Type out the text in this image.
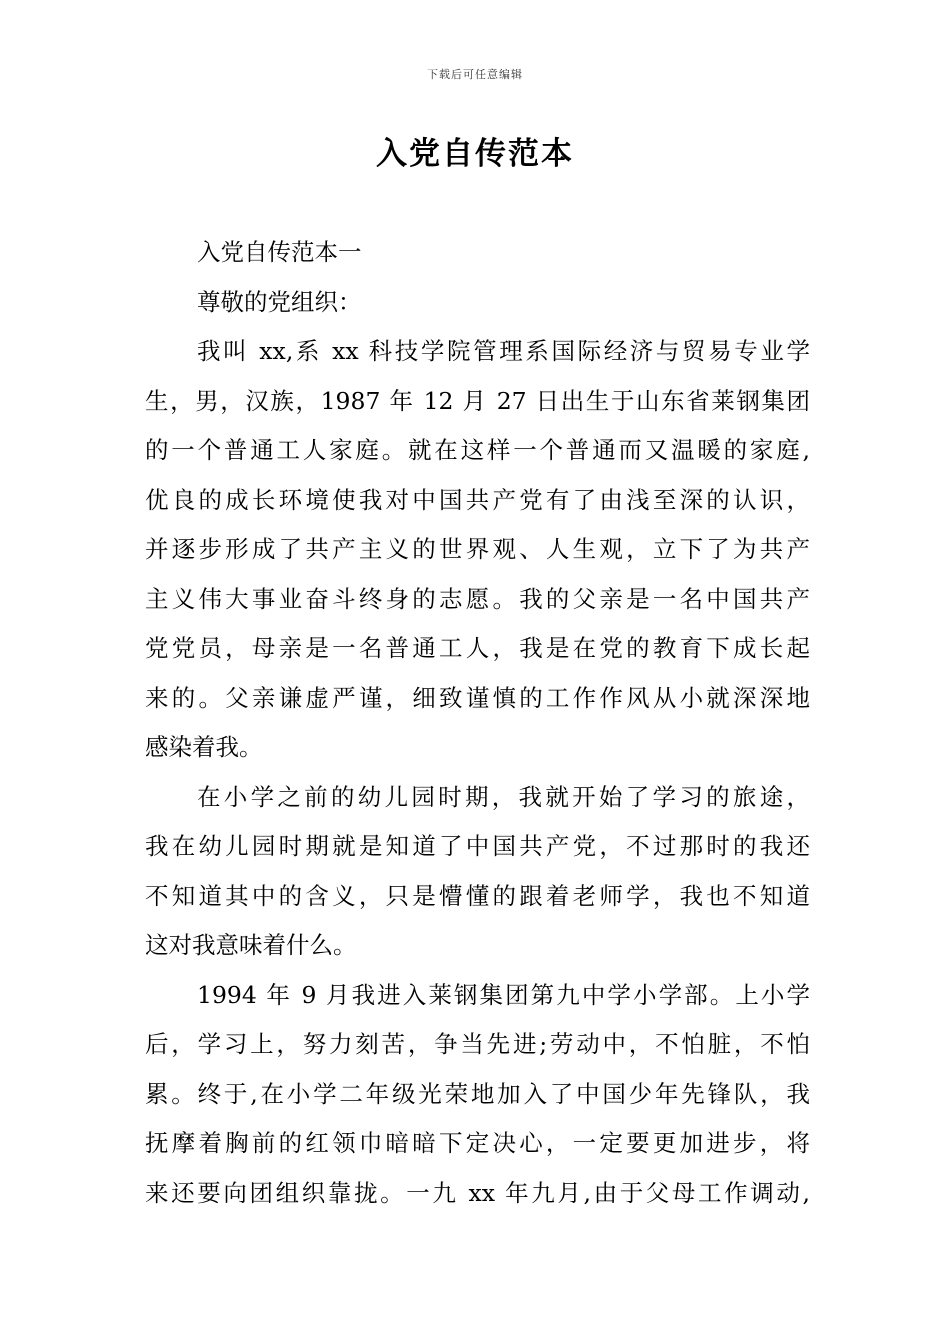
下载后可任意编辑
入党自传范本
入党自传范本一
尊敬的党组织：
我叫 xx,系 xx 科技学院管理系国际经济与贸易专业学
生，男，汉族，1987 年 12 月 27 日出生于山东省莱钢集团
的一个普通工人家庭。就在这样一个普通而又温暖的家庭,
优良的成长环境使我对中国共产党有了由浅至深的认识，
并逐步形成了共产主义的世界观、人生观，立下了为共产
主义伟大事业奋斗终身的志愿。我的父亲是一名中国共产
党党员，母亲是一名普通工人，我是在党的教育下成长起
来的。父亲谦虚严谨，细致谨慎的工作作风从小就深深地
感染着我。
在小学之前的幼儿园时期，我就开始了学习的旅途，
我在幼儿园时期就是知道了中国共产党，不过那时的我还
不知道其中的含义，只是懵懂的跟着老师学，我也不知道
这对我意味着什么。
1994 年 9 月我进入莱钢集团第九中学小学部。上小学
后，学习上，努力刻苦，争当先进;劳动中，不怕脏，不怕
累。终于,在小学二年级光荣地加入了中国少年先锋队，我
抚摩着胸前的红领巾暗暗下定决心，一定要更加进步，将
来还要向团组织靠拢。一九 xx 年九月,由于父母工作调动,
